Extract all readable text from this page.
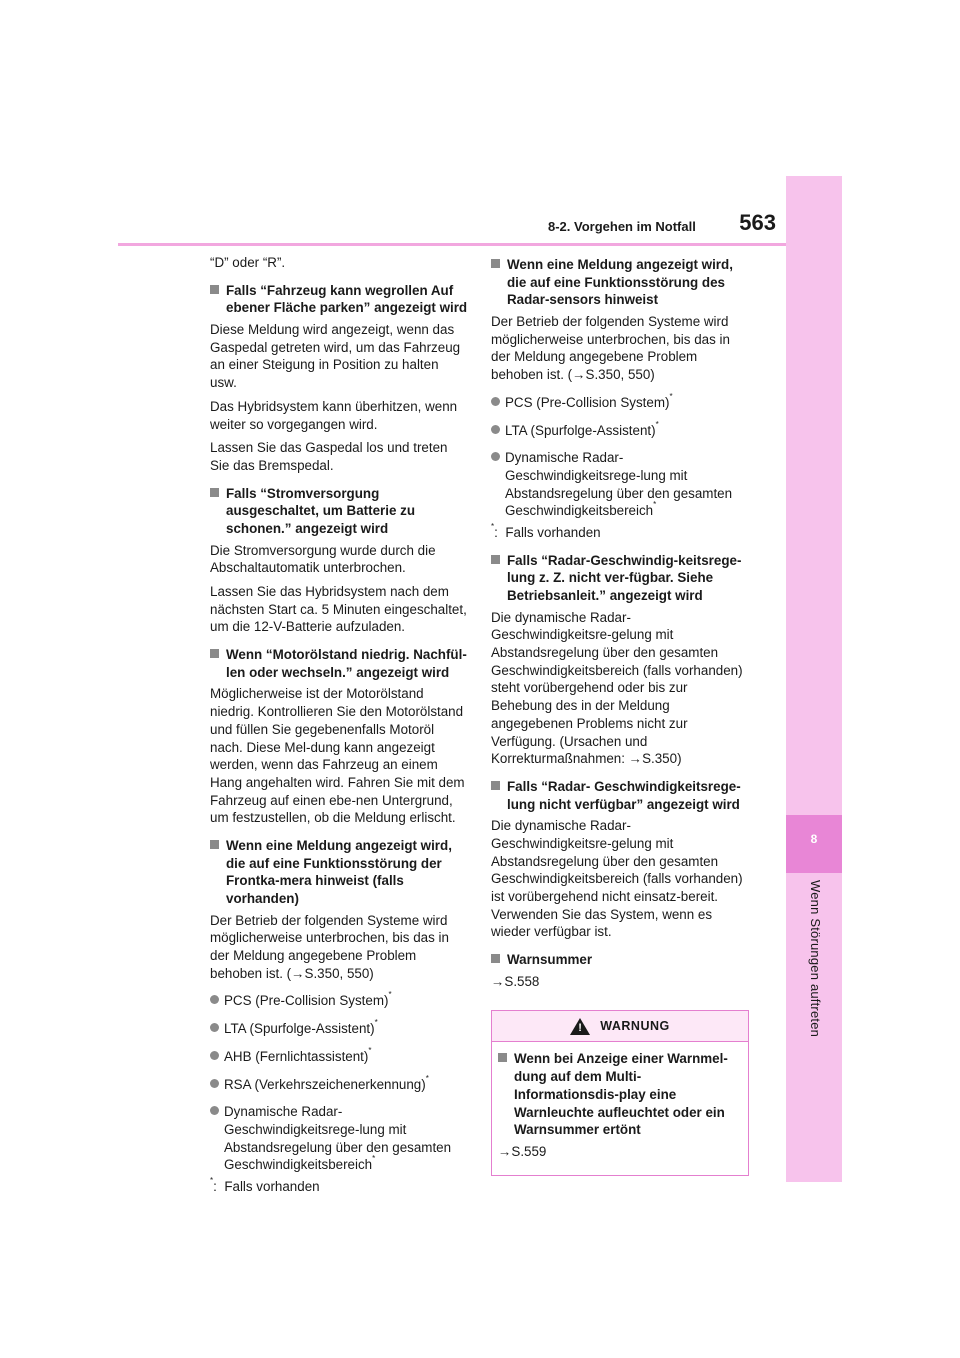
563
8-2. Vorgehen im Notfall
8
Wenn Störungen auftreten

“D” oder “R”.

Falls “Fahrzeug kann wegrollen Auf ebener Fläche parken” angezeigt wird

Diese Meldung wird angezeigt, wenn das Gaspedal getreten wird, um das Fahrzeug an einer Steigung in Position zu halten usw.

Das Hybridsystem kann überhitzen, wenn weiter so vorgegangen wird.

Lassen Sie das Gaspedal los und treten Sie das Bremspedal.

Falls “Stromversorgung ausgeschaltet, um Batterie zu schonen.” angezeigt wird

Die Stromversorgung wurde durch die Abschaltautomatik unterbrochen.

Lassen Sie das Hybridsystem nach dem nächsten Start ca. 5 Minuten eingeschaltet, um die 12-V-Batterie aufzuladen.

Wenn “Motorölstand niedrig. Nachfül-len oder wechseln.” angezeigt wird

Möglicherweise ist der Motorölstand niedrig. Kontrollieren Sie den Motorölstand und füllen Sie gegebenenfalls Motoröl nach. Diese Mel-dung kann angezeigt werden, wenn das Fahrzeug an einem Hang angehalten wird. Fahren Sie mit dem Fahrzeug auf einen ebe-nen Untergrund, um festzustellen, ob die Meldung erlischt.

Wenn eine Meldung angezeigt wird, die auf eine Funktionsstörung der Frontka-mera hinweist (falls vorhanden)

Der Betrieb der folgenden Systeme wird möglicherweise unterbrochen, bis das in der Meldung angegebene Problem behoben ist. (→S.350, 550)

PCS (Pre-Collision System)*
LTA (Spurfolge-Assistent)*
AHB (Fernlichtassistent)*
RSA (Verkehrszeichenerkennung)*
Dynamische Radar-Geschwindigkeitsrege-lung mit Abstandsregelung über den gesamten Geschwindigkeitsbereich*

*: Falls vorhanden

Wenn eine Meldung angezeigt wird, die auf eine Funktionsstörung des Radar-sensors hinweist

Der Betrieb der folgenden Systeme wird möglicherweise unterbrochen, bis das in der Meldung angegebene Problem behoben ist. (→S.350, 550)

PCS (Pre-Collision System)*
LTA (Spurfolge-Assistent)*
Dynamische Radar-Geschwindigkeitsrege-lung mit Abstandsregelung über den gesamten Geschwindigkeitsbereich*

*: Falls vorhanden

Falls “Radar-Geschwindig-keitsrege-lung z. Z. nicht ver-fügbar. Siehe Betriebsanleit.” angezeigt wird

Die dynamische Radar-Geschwindigkeitsre-gelung mit Abstandsregelung über den gesamten Geschwindigkeitsbereich (falls vorhanden) steht vorübergehend oder bis zur Behebung des in der Meldung angegebenen Problems nicht zur Verfügung. (Ursachen und Korrekturmaßnahmen: →S.350)

Falls “Radar- Geschwindigkeitsrege-lung nicht verfügbar” angezeigt wird

Die dynamische Radar-Geschwindigkeitsre-gelung mit Abstandsregelung über den gesamten Geschwindigkeitsbereich (falls vorhanden) ist vorübergehend nicht einsatz-bereit. Verwenden Sie das System, wenn es wieder verfügbar ist.

Warnsummer

→S.558

! WARNUNG
Wenn bei Anzeige einer Warnmel-dung auf dem Multi-Informationsdis-play eine Warnleuchte aufleuchtet oder ein Warnsummer ertönt

→S.559
